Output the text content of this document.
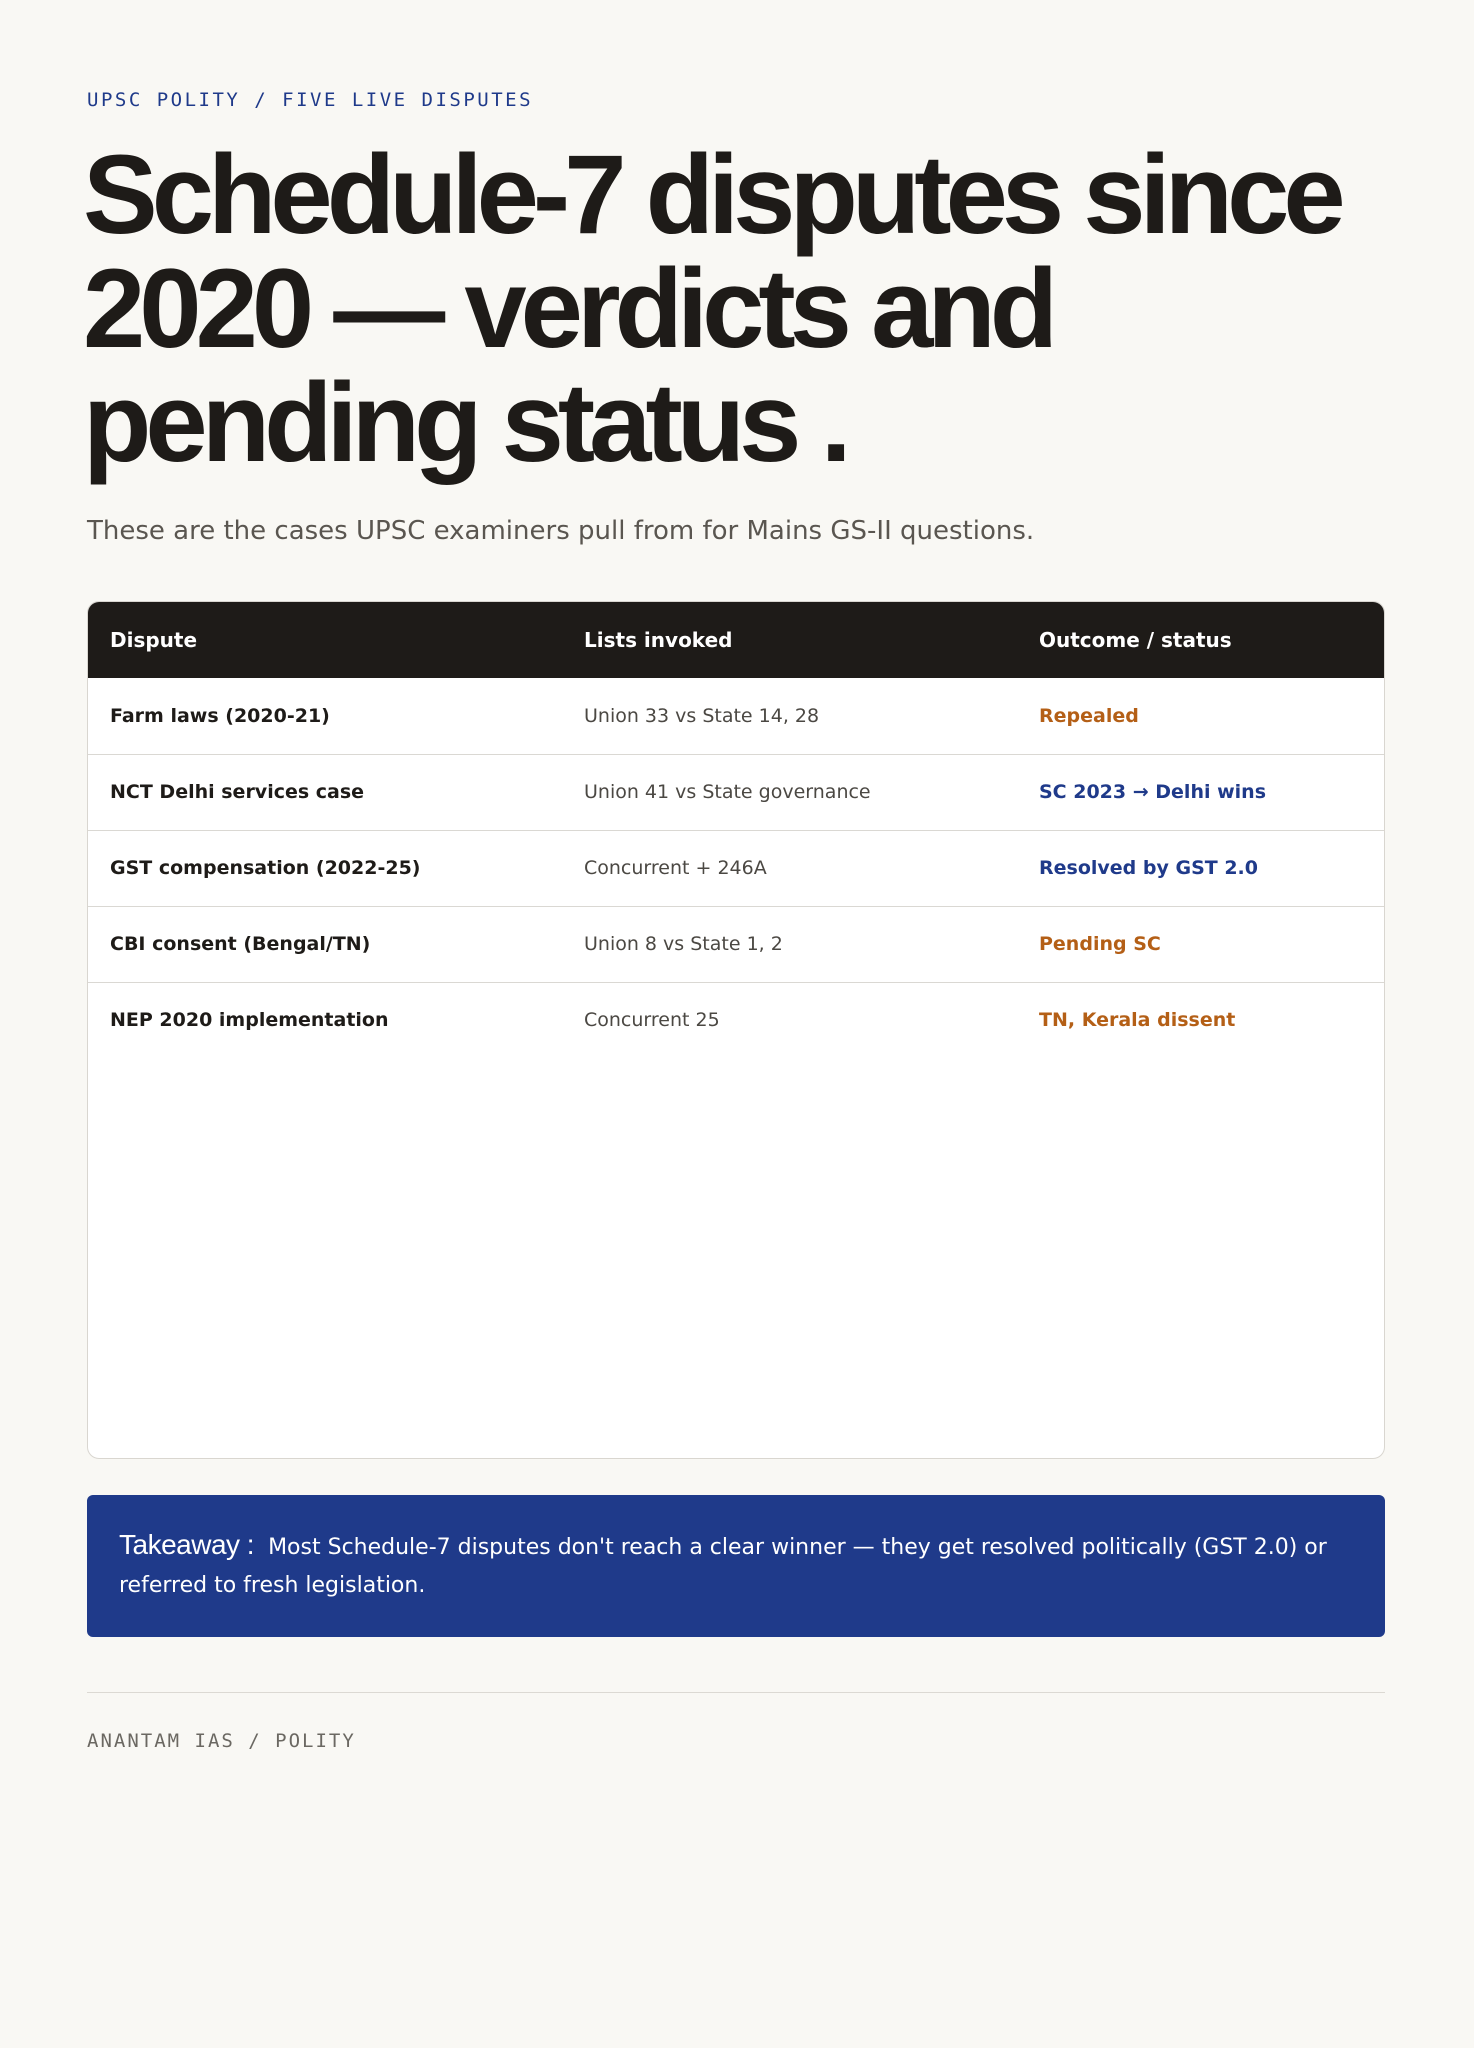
UPSC POLITY / FIVE LIVE DISPUTES
Schedule-7 disputes since 2020 — verdicts and pending status .
These are the cases UPSC examiners pull from for Mains GS-II questions.
Dispute	Lists invoked	Outcome / status
Farm laws (2020-21)	Union 33 vs State 14, 28	Repealed
NCT Delhi services case	Union 41 vs State governance	SC 2023 → Delhi wins
GST compensation (2022-25)	Concurrent + 246A	Resolved by GST 2.0
CBI consent (Bengal/TN)	Union 8 vs State 1, 2	Pending SC
NEP 2020 implementation	Concurrent 25	TN, Kerala dissent
Takeaway : Most Schedule-7 disputes don't reach a clear winner — they get resolved politically (GST 2.0) or referred to fresh legislation.
ANANTAM IAS / POLITY
